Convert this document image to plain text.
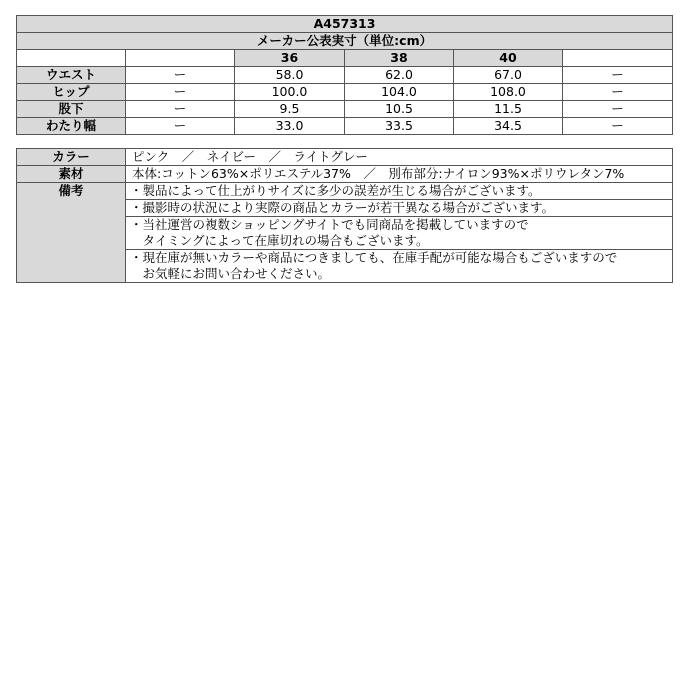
A457313					
メーカー公表実寸（単位:cm）					
		36	38	40	
ウエスト	ー	58.0	62.0	67.0	ー
ヒップ	ー	100.0	104.0	108.0	ー
股下	ー	9.5	10.5	11.5	ー
わたり幅	ー	33.0	33.5	34.5	ー
カラー	ピンク　／　ネイビー　／　ライトグレー
素材	本体:コットン63%×ポリエステル37%　／　別布部分:ナイロン93%×ポリウレタン7%
備考	・製品によって仕上がりサイズに多少の誤差が生じる場合がございます。

	・撮影時の状況により実際の商品とカラーが若干異なる場合がございます。

	・当社運営の複数ショッピングサイトでも同商品を掲載していますので
　タイミングによって在庫切れの場合もございます。

	・現在庫が無いカラーや商品につきましても、在庫手配が可能な場合もございますので
　お気軽にお問い合わせください。
